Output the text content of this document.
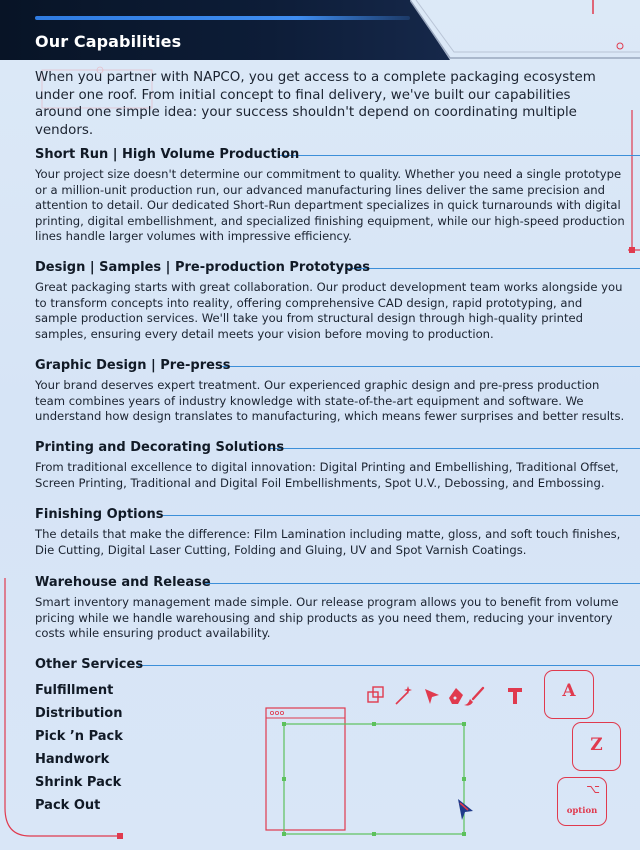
Our Capabilities

When you partner with NAPCO, you get access to a complete packaging ecosystem under one roof. From initial concept to final delivery, we've built our capabilities around one simple idea: your success shouldn't depend on coordinating multiple vendors.

Short Run | High Volume Production

Your project size doesn't determine our commitment to quality. Whether you need a single prototype or a million-unit production run, our advanced manufacturing lines deliver the same precision and attention to detail. Our dedicated Short-Run department specializes in quick turnarounds with digital printing, digital embellishment, and specialized finishing equipment, while our high-speed production lines handle larger volumes with impressive efficiency.

Design | Samples | Pre-production Prototypes

Great packaging starts with great collaboration. Our product development team works alongside you to transform concepts into reality, offering comprehensive CAD design, rapid prototyping, and sample production services. We'll take you from structural design through high-quality printed samples, ensuring every detail meets your vision before moving to production.

Graphic Design | Pre-press

Your brand deserves expert treatment. Our experienced graphic design and pre-press production team combines years of industry knowledge with state-of-the-art equipment and software. We understand how design translates to manufacturing, which means fewer surprises and better results.

Printing and Decorating Solutions

From traditional excellence to digital innovation: Digital Printing and Embellishing, Traditional Offset, Screen Printing, Traditional and Digital Foil Embellishments, Spot U.V., Debossing, and Embossing.

Finishing Options

The details that make the difference: Film Lamination including matte, gloss, and soft touch finishes, Die Cutting, Digital Laser Cutting, Folding and Gluing, UV and Spot Varnish Coatings.

Warehouse and Release

Smart inventory management made simple. Our release program allows you to benefit from volume pricing while we handle warehousing and ship products as you need them, reducing your inventory costs while ensuring product availability.

Other Services
Fulfillment
Distribution
Pick ’n Pack
Handwork
Shrink Pack
Pack Out
A
Z
⌥
option
